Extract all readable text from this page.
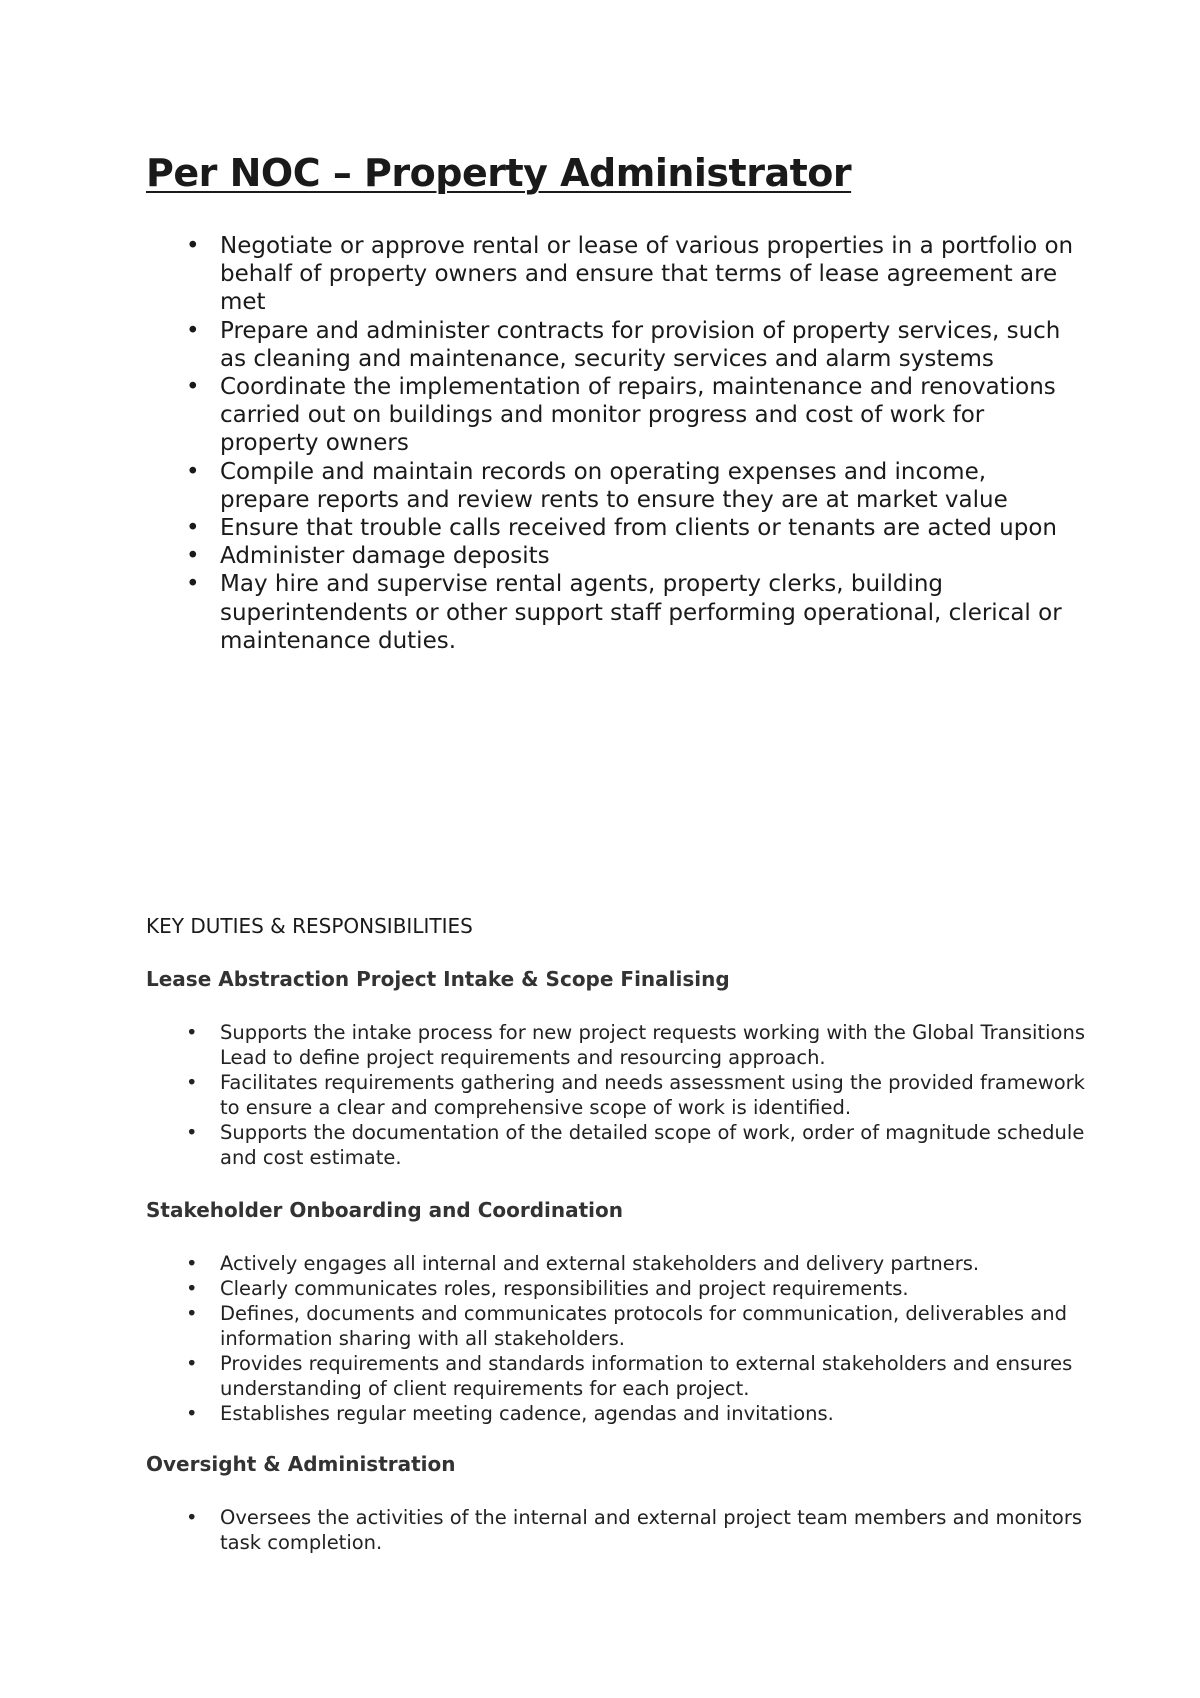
Per NOC – Property Administrator
• Negotiate or approve rental or lease of various properties in a portfolio on behalf of property owners and ensure that terms of lease agreement are met
• Prepare and administer contracts for provision of property services, such as cleaning and maintenance, security services and alarm systems
• Coordinate the implementation of repairs, maintenance and renovations carried out on buildings and monitor progress and cost of work for property owners
• Compile and maintain records on operating expenses and income, prepare reports and review rents to ensure they are at market value
• Ensure that trouble calls received from clients or tenants are acted upon
• Administer damage deposits
• May hire and supervise rental agents, property clerks, building superintendents or other support staff performing operational, clerical or maintenance duties.
KEY DUTIES & RESPONSIBILITIES
Lease Abstraction Project Intake & Scope Finalising
• Supports the intake process for new project requests working with the Global Transitions Lead to define project requirements and resourcing approach.
• Facilitates requirements gathering and needs assessment using the provided framework to ensure a clear and comprehensive scope of work is identified.
• Supports the documentation of the detailed scope of work, order of magnitude schedule and cost estimate.
Stakeholder Onboarding and Coordination
• Actively engages all internal and external stakeholders and delivery partners.
• Clearly communicates roles, responsibilities and project requirements.
• Defines, documents and communicates protocols for communication, deliverables and information sharing with all stakeholders.
• Provides requirements and standards information to external stakeholders and ensures understanding of client requirements for each project.
• Establishes regular meeting cadence, agendas and invitations.
Oversight & Administration
• Oversees the activities of the internal and external project team members and monitors task completion.
